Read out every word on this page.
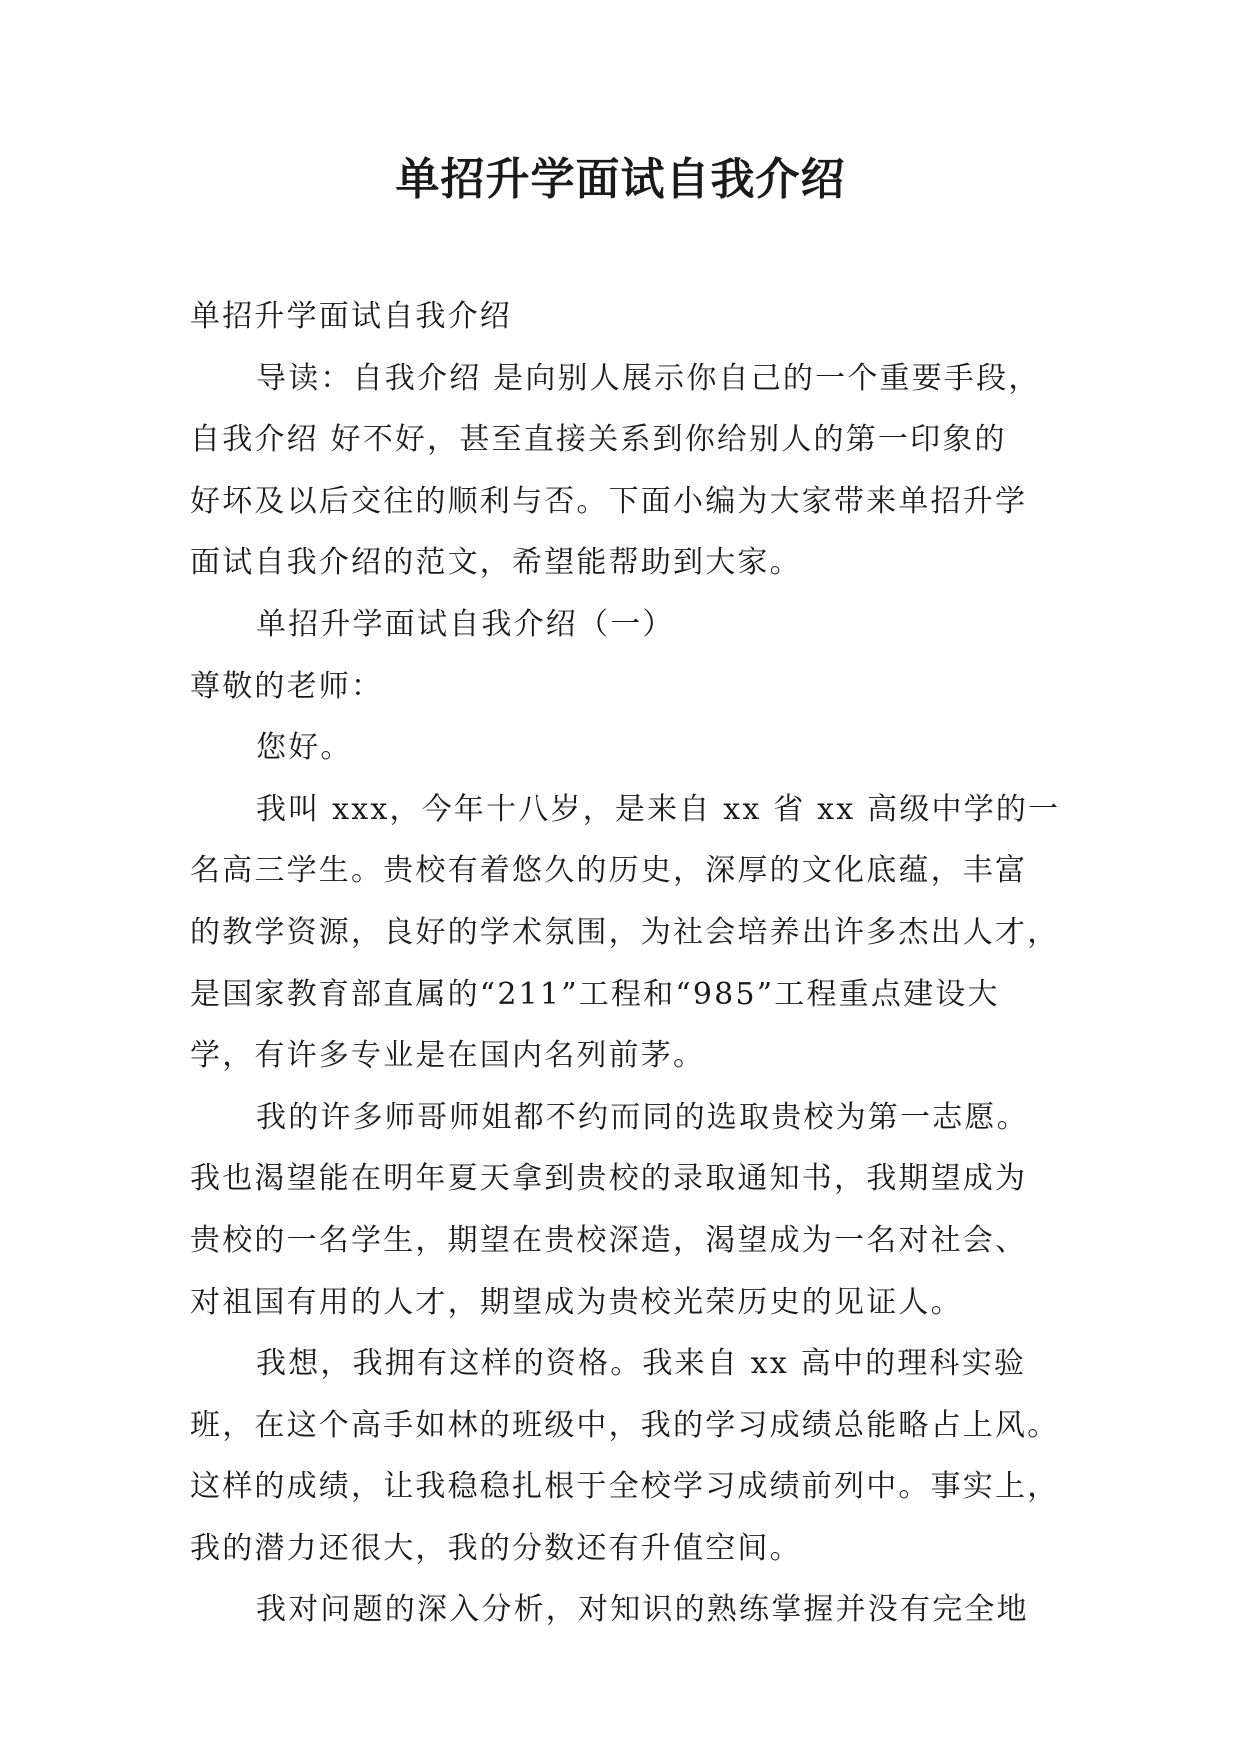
单招升学面试自我介绍
单招升学面试自我介绍
导读：自我介绍 是向别人展示你自己的一个重要手段，
自我介绍 好不好，甚至直接关系到你给别人的第一印象的
好坏及以后交往的顺利与否。下面小编为大家带来单招升学
面试自我介绍的范文，希望能帮助到大家。
单招升学面试自我介绍（一）
尊敬的老师：
您好。
我叫 xxx，今年十八岁，是来自 xx 省 xx 高级中学的一
名高三学生。贵校有着悠久的历史，深厚的文化底蕴，丰富
的教学资源，良好的学术氛围，为社会培养出许多杰出人才，
是国家教育部直属的“211”工程和“985”工程重点建设大
学，有许多专业是在国内名列前茅。
我的许多师哥师姐都不约而同的选取贵校为第一志愿。
我也渴望能在明年夏天拿到贵校的录取通知书，我期望成为
贵校的一名学生，期望在贵校深造，渴望成为一名对社会、
对祖国有用的人才，期望成为贵校光荣历史的见证人。
我想，我拥有这样的资格。我来自 xx 高中的理科实验
班，在这个高手如林的班级中，我的学习成绩总能略占上风。
这样的成绩，让我稳稳扎根于全校学习成绩前列中。事实上，
我的潜力还很大，我的分数还有升值空间。
我对问题的深入分析，对知识的熟练掌握并没有完全地
